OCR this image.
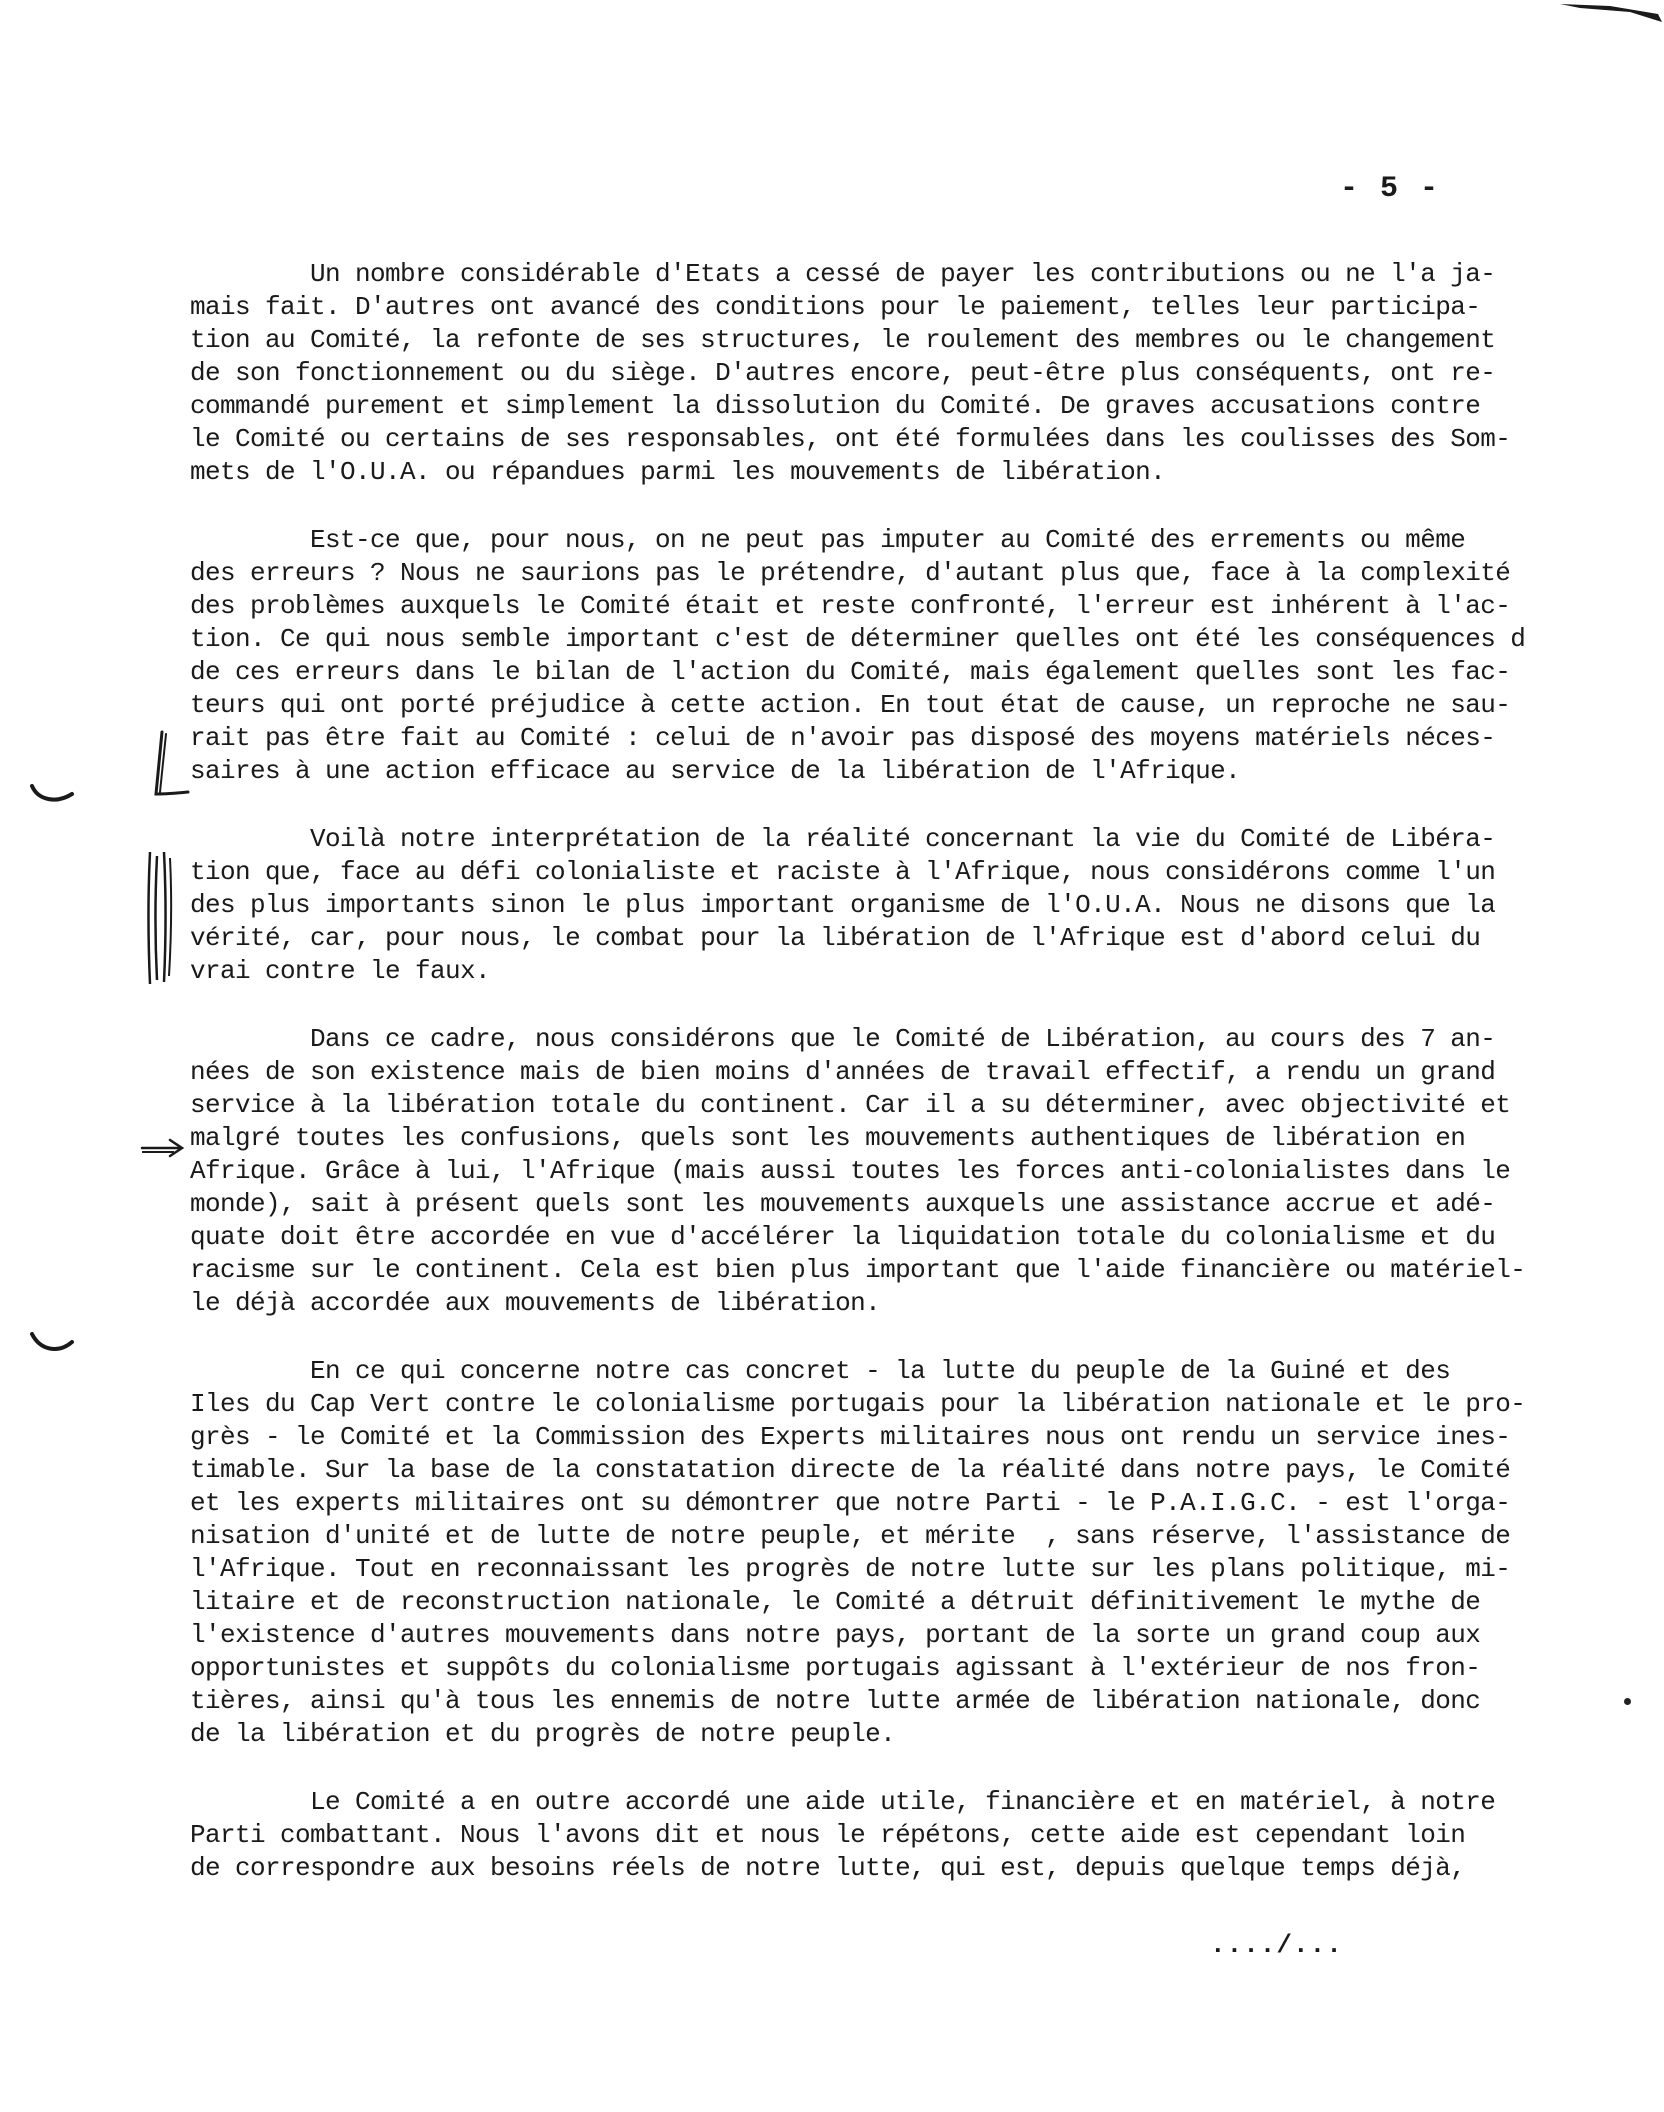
- 5 -
Un nombre considérable d'Etats a cessé de payer les contributions ou ne l'a ja-
mais fait. D'autres ont avancé des conditions pour le paiement, telles leur participa-
tion au Comité, la refonte de ses structures, le roulement des membres ou le changement
de son fonctionnement ou du siège. D'autres encore, peut-être plus conséquents, ont re-
commandé purement et simplement la dissolution du Comité. De graves accusations contre
le Comité ou certains de ses responsables, ont été formulées dans les coulisses des Som-
mets de l'O.U.A. ou répandues parmi les mouvements de libération.
Est-ce que, pour nous, on ne peut pas imputer au Comité des errements ou même
des erreurs ? Nous ne saurions pas le prétendre, d'autant plus que, face à la complexité
des problèmes auxquels le Comité était et reste confronté, l'erreur est inhérent à l'ac-
tion. Ce qui nous semble important c'est de déterminer quelles ont été les conséquences d
de ces erreurs dans le bilan de l'action du Comité, mais également quelles sont les fac-
teurs qui ont porté préjudice à cette action. En tout état de cause, un reproche ne sau-
rait pas être fait au Comité : celui de n'avoir pas disposé des moyens matériels néces-
saires à une action efficace au service de la libération de l'Afrique.
Voilà notre interprétation de la réalité concernant la vie du Comité de Libéra-
tion que, face au défi colonialiste et raciste à l'Afrique, nous considérons comme l'un
des plus importants sinon le plus important organisme de l'O.U.A. Nous ne disons que la
vérité, car, pour nous, le combat pour la libération de l'Afrique est d'abord celui du
vrai contre le faux.
Dans ce cadre, nous considérons que le Comité de Libération, au cours des 7 an-
nées de son existence mais de bien moins d'années de travail effectif, a rendu un grand
service à la libération totale du continent. Car il a su déterminer, avec objectivité et
malgré toutes les confusions, quels sont les mouvements authentiques de libération en
Afrique. Grâce à lui, l'Afrique (mais aussi toutes les forces anti-colonialistes dans le
monde), sait à présent quels sont les mouvements auxquels une assistance accrue et adé-
quate doit être accordée en vue d'accélérer la liquidation totale du colonialisme et du
racisme sur le continent. Cela est bien plus important que l'aide financière ou matériel-
le déjà accordée aux mouvements de libération.
En ce qui concerne notre cas concret - la lutte du peuple de la Guiné et des
Iles du Cap Vert contre le colonialisme portugais pour la libération nationale et le pro-
grès - le Comité et la Commission des Experts militaires nous ont rendu un service ines-
timable. Sur la base de la constatation directe de la réalité dans notre pays, le Comité
et les experts militaires ont su démontrer que notre Parti - le P.A.I.G.C. - est l'orga-
nisation d'unité et de lutte de notre peuple, et mérite  , sans réserve, l'assistance de
l'Afrique. Tout en reconnaissant les progrès de notre lutte sur les plans politique, mi-
litaire et de reconstruction nationale, le Comité a détruit définitivement le mythe de
l'existence d'autres mouvements dans notre pays, portant de la sorte un grand coup aux
opportunistes et suppôts du colonialisme portugais agissant à l'extérieur de nos fron-
tières, ainsi qu'à tous les ennemis de notre lutte armée de libération nationale, donc
de la libération et du progrès de notre peuple.
Le Comité a en outre accordé une aide utile, financière et en matériel, à notre
Parti combattant. Nous l'avons dit et nous le répétons, cette aide est cependant loin
de correspondre aux besoins réels de notre lutte, qui est, depuis quelque temps déjà,
..../...
